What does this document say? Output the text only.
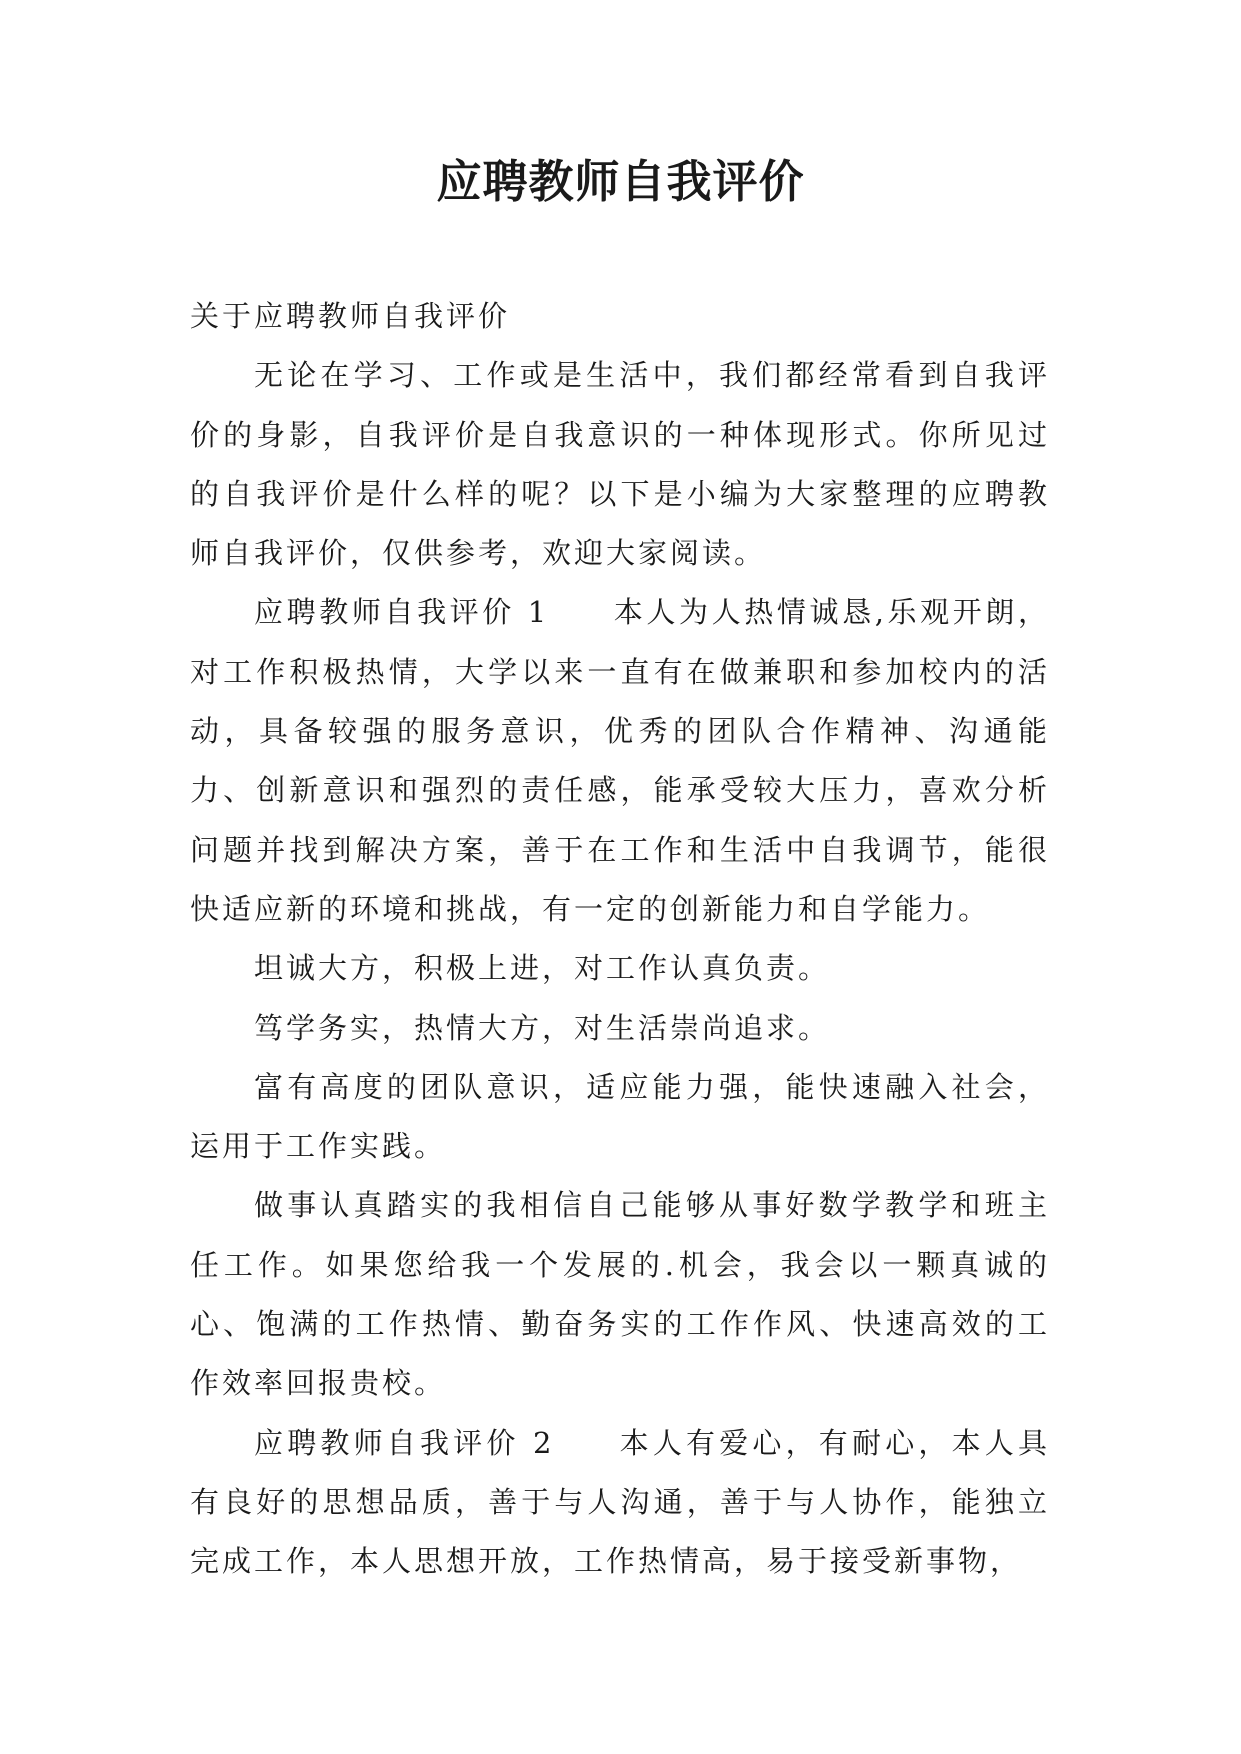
应聘教师自我评价

关于应聘教师自我评价

无论在学习、工作或是生活中，我们都经常看到自我评价的身影，自我评价是自我意识的一种体现形式。你所见过的自我评价是什么样的呢？以下是小编为大家整理的应聘教师自我评价，仅供参考，欢迎大家阅读。

应聘教师自我评价 1 本人为人热情诚恳,乐观开朗，对工作积极热情，大学以来一直有在做兼职和参加校内的活动，具备较强的服务意识，优秀的团队合作精神、沟通能力、创新意识和强烈的责任感，能承受较大压力，喜欢分析问题并找到解决方案，善于在工作和生活中自我调节，能很快适应新的环境和挑战，有一定的创新能力和自学能力。

坦诚大方，积极上进，对工作认真负责。

笃学务实，热情大方，对生活崇尚追求。

富有高度的团队意识，适应能力强，能快速融入社会，运用于工作实践。

做事认真踏实的我相信自己能够从事好数学教学和班主任工作。如果您给我一个发展的.机会，我会以一颗真诚的心、饱满的工作热情、勤奋务实的工作作风、快速高效的工作效率回报贵校。

应聘教师自我评价 2 本人有爱心，有耐心，本人具有良好的思想品质，善于与人沟通，善于与人协作，能独立完成工作，本人思想开放，工作热情高，易于接受新事物，
